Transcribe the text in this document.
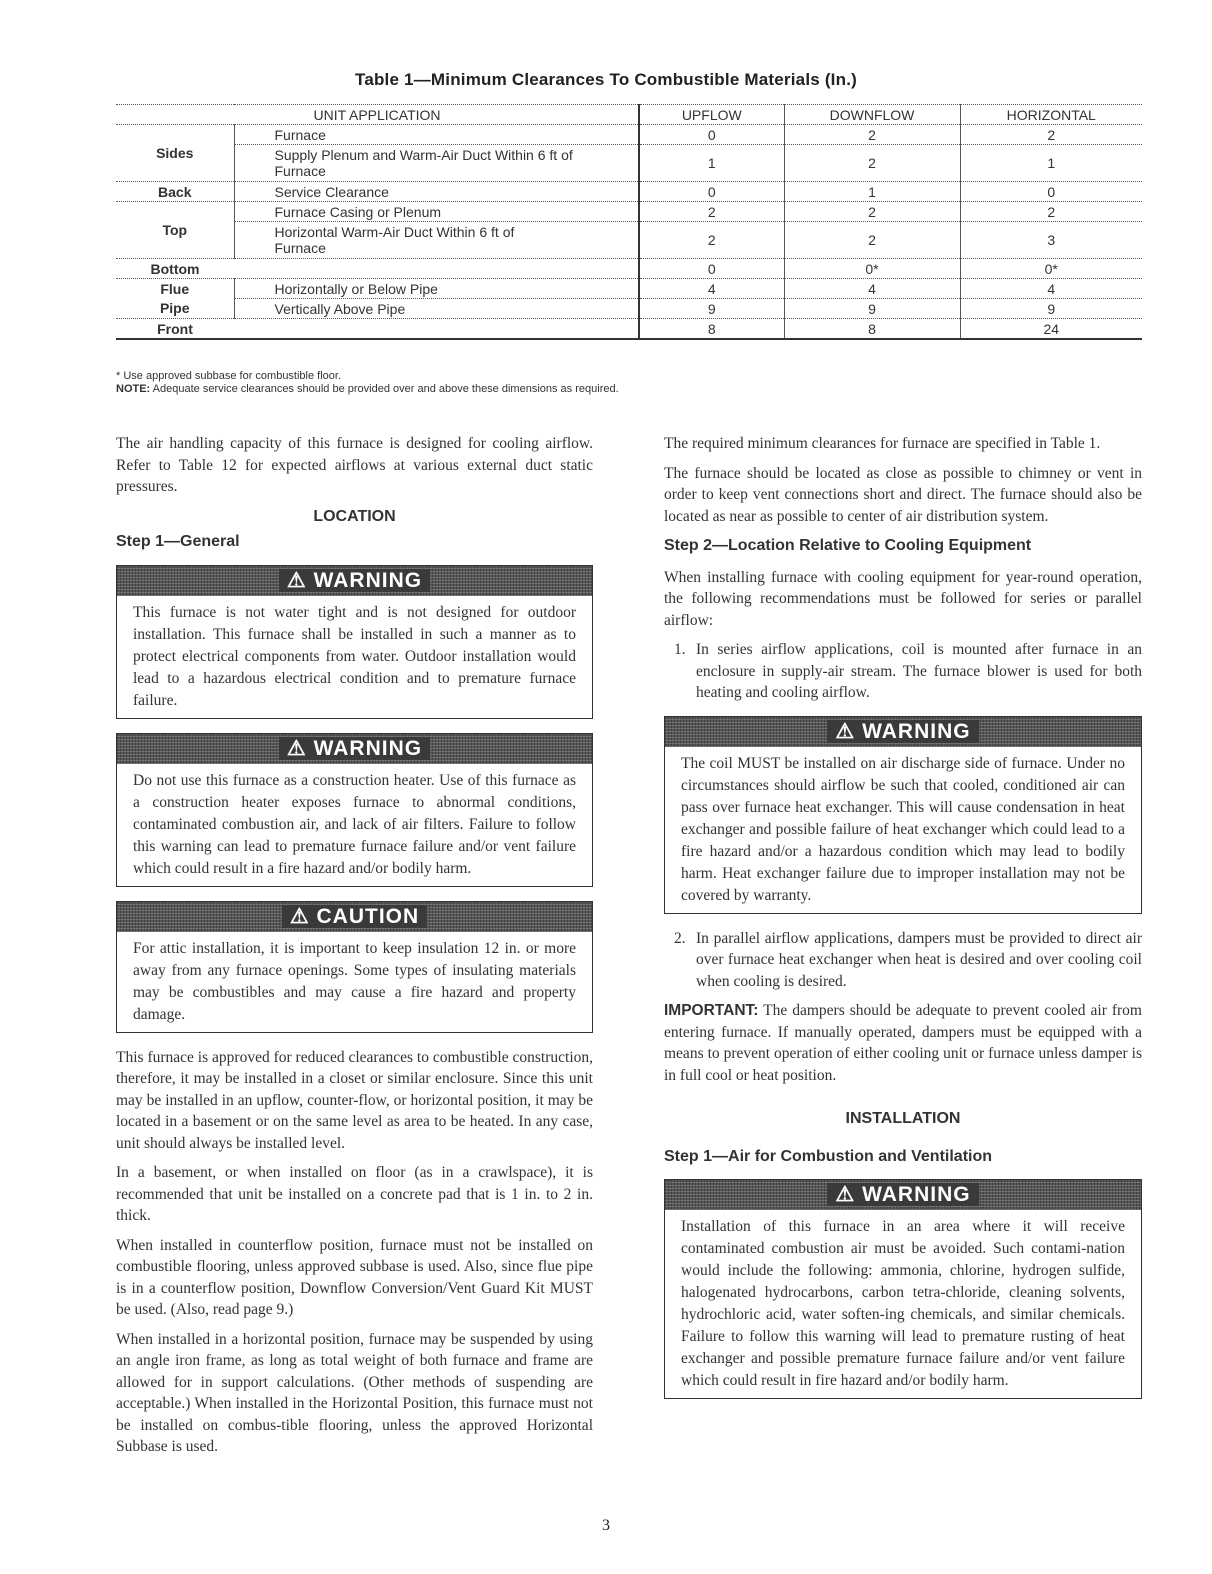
Table 1—Minimum Clearances To Combustible Materials (In.)
UNIT APPLICATION		UPFLOW	DOWNFLOW	HORIZONTAL
Sides	Furnace	0	2	2
	Supply Plenum and Warm-Air Duct Within 6 ft of Furnace	1	2	1
Back	Service Clearance	0	1	0
Top	Furnace Casing or Plenum	2	2	2
	Horizontal Warm-Air Duct Within 6 ft of Furnace	2	2	3
Bottom		0	0*	0*
Flue	Horizontally or Below Pipe	4	4	4
Pipe	Vertically Above Pipe	9	9	9
Front		8	8	24
* Use approved subbase for combustible floor.
NOTE: Adequate service clearances should be provided over and above these dimensions as required.

The air handling capacity of this furnace is designed for cooling airflow. Refer to Table 12 for expected airflows at various external duct static pressures.

LOCATION
Step 1—General
⚠ WARNING
This furnace is not water tight and is not designed for outdoor installation. This furnace shall be installed in such a manner as to protect electrical components from water. Outdoor installation would lead to a hazardous electrical condition and to premature furnace failure.
⚠ WARNING
Do not use this furnace as a construction heater. Use of this furnace as a construction heater exposes furnace to abnormal conditions, contaminated combustion air, and lack of air filters. Failure to follow this warning can lead to premature furnace failure and/or vent failure which could result in a fire hazard and/or bodily harm.
⚠ CAUTION
For attic installation, it is important to keep insulation 12 in. or more away from any furnace openings. Some types of insulating materials may be combustibles and may cause a fire hazard and property damage.

This furnace is approved for reduced clearances to combustible construction, therefore, it may be installed in a closet or similar enclosure. Since this unit may be installed in an upflow, counter-flow, or horizontal position, it may be located in a basement or on the same level as area to be heated. In any case, unit should always be installed level.

In a basement, or when installed on floor (as in a crawlspace), it is recommended that unit be installed on a concrete pad that is 1 in. to 2 in. thick.

When installed in counterflow position, furnace must not be installed on combustible flooring, unless approved subbase is used. Also, since flue pipe is in a counterflow position, Downflow Conversion/Vent Guard Kit MUST be used. (Also, read page 9.)

When installed in a horizontal position, furnace may be suspended by using an angle iron frame, as long as total weight of both furnace and frame are allowed for in support calculations. (Other methods of suspending are acceptable.) When installed in the Horizontal Position, this furnace must not be installed on combus-tible flooring, unless the approved Horizontal Subbase is used.

The required minimum clearances for furnace are specified in Table 1.

The furnace should be located as close as possible to chimney or vent in order to keep vent connections short and direct. The furnace should also be located as near as possible to center of air distribution system.

Step 2—Location Relative to Cooling Equipment

When installing furnace with cooling equipment for year-round operation, the following recommendations must be followed for series or parallel airflow:

1. In series airflow applications, coil is mounted after furnace in an enclosure in supply-air stream. The furnace blower is used for both heating and cooling airflow.
⚠ WARNING
The coil MUST be installed on air discharge side of furnace. Under no circumstances should airflow be such that cooled, conditioned air can pass over furnace heat exchanger. This will cause condensation in heat exchanger and possible failure of heat exchanger which could lead to a fire hazard and/or a hazardous condition which may lead to bodily harm. Heat exchanger failure due to improper installation may not be covered by warranty.
2. In parallel airflow applications, dampers must be provided to direct air over furnace heat exchanger when heat is desired and over cooling coil when cooling is desired.

IMPORTANT: The dampers should be adequate to prevent cooled air from entering furnace. If manually operated, dampers must be equipped with a means to prevent operation of either cooling unit or furnace unless damper is in full cool or heat position.

INSTALLATION
Step 1—Air for Combustion and Ventilation
⚠ WARNING
Installation of this furnace in an area where it will receive contaminated combustion air must be avoided. Such contami-nation would include the following: ammonia, chlorine, hydrogen sulfide, halogenated hydrocarbons, carbon tetra-chloride, cleaning solvents, hydrochloric acid, water soften-ing chemicals, and similar chemicals. Failure to follow this warning will lead to premature rusting of heat exchanger and possible premature furnace failure and/or vent failure which could result in fire hazard and/or bodily harm.
3
